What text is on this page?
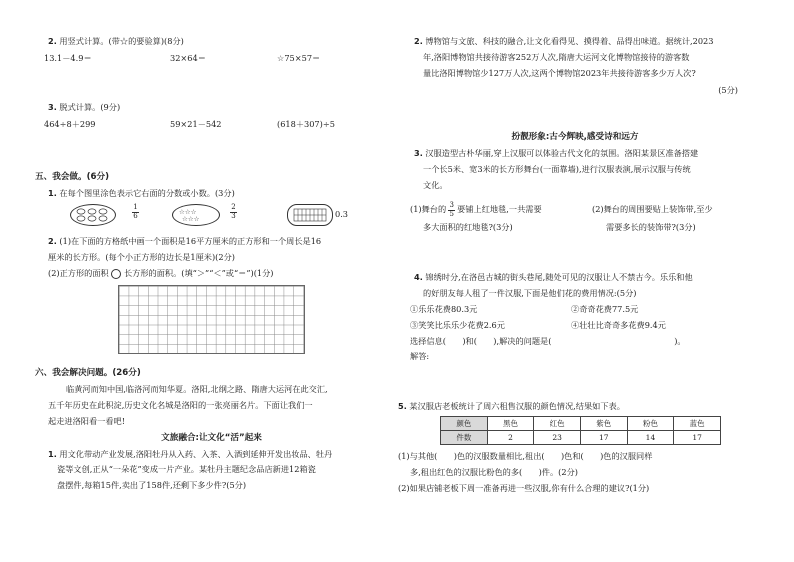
2. 用竖式计算。(带☆的要验算)(8分)
13.1－4.9＝	32×64＝	☆75×57＝
3. 脱式计算。(9分)
464÷8＋299	59×21－542	(618＋307)÷5
五、我会做。(6分)
1. 在每个图里涂色表示它右面的分数或小数。(3分)
$\frac{1}{6}$	☆☆☆
☆☆☆	$\frac{2}{3}$	0.3
2. (1)在下面的方格纸中画一个面积是16平方厘米的正方形和一个周长是16
厘米的长方形。(每个小正方形的边长是1厘米)(2分)
(2)正方形的面积 长方形的面积。(填“＞”“＜”或“＝”)(1分)
六、我会解决问题。(26分)
临黄河而知中国,临洛河而知华夏。洛阳,北纲之路、隋唐大运河在此交汇,
五千年历史在此积淀,历史文化名城是洛阳的一张亮丽名片。下面让我们一
起走进洛阳看一看吧!
文旅融合:让文化“活”起来
1. 用文化带动产业发展,洛阳牡丹从入药、入茶、入酒到延伸开发出妆品、牡丹
瓷等文创,正从“一朵花”变成一片产业。某牡丹主题纪念品店新进12箱瓷
盘摆件,每箱15件,卖出了158件,还剩下多少件?(5分)
2. 博物馆与文旅、科技的融合,让文化看得见、摸得着、品得出味道。据统计,2023
年,洛阳博物馆共接待游客252万人次,隋唐大运河文化博物馆接待的游客数
量比洛阳博物馆少127万人次,这两个博物馆2023年共接待游客多少万人次?
(5分)
扮靓形象:古今辉映,感受诗和远方
3. 汉服造型古朴华丽,穿上汉服可以体验古代文化的氛围。洛阳某景区准备搭建
一个长5米、宽3米的长方形舞台(一面靠墙),进行汉服表演,展示汉服与传统
文化。
(1)舞台的 $\frac{3}{5}$ 要铺上红地毯,一共需要
多大面积的红地毯?(3分)
(2)舞台的周围要贴上装饰带,至少
需要多长的装饰带?(3分)
4. 锦绣时分,在洛邑古城的街头巷尾,随处可见的汉服让人不禁古今。乐乐和他
的好朋友每人租了一件汉服,下面是他们花的费用情况:(5分)
①乐乐花费80.3元	②奇奇花费77.5元
③笑笑比乐乐少花费2.6元	④壮壮比奇奇多花费9.4元
选择信息(　　)和(　　),解决的问题是(　　　　　　　　　　　　　　　)。
解答:
5. 某汉服店老板统计了周六租售汉服的颜色情况,结果如下表。
颜色	黑色	红色	紫色	粉色	蓝色
件数	2	23	17	14	17
(1)与其他(　　)色的汉服数量相比,租出(　　)色和(　　)色的汉服同样
多,租出红色的汉服比粉色的多(　　)件。(2分)
(2)如果店铺老板下周一准备再进一些汉服,你有什么合理的建议?(1分)
